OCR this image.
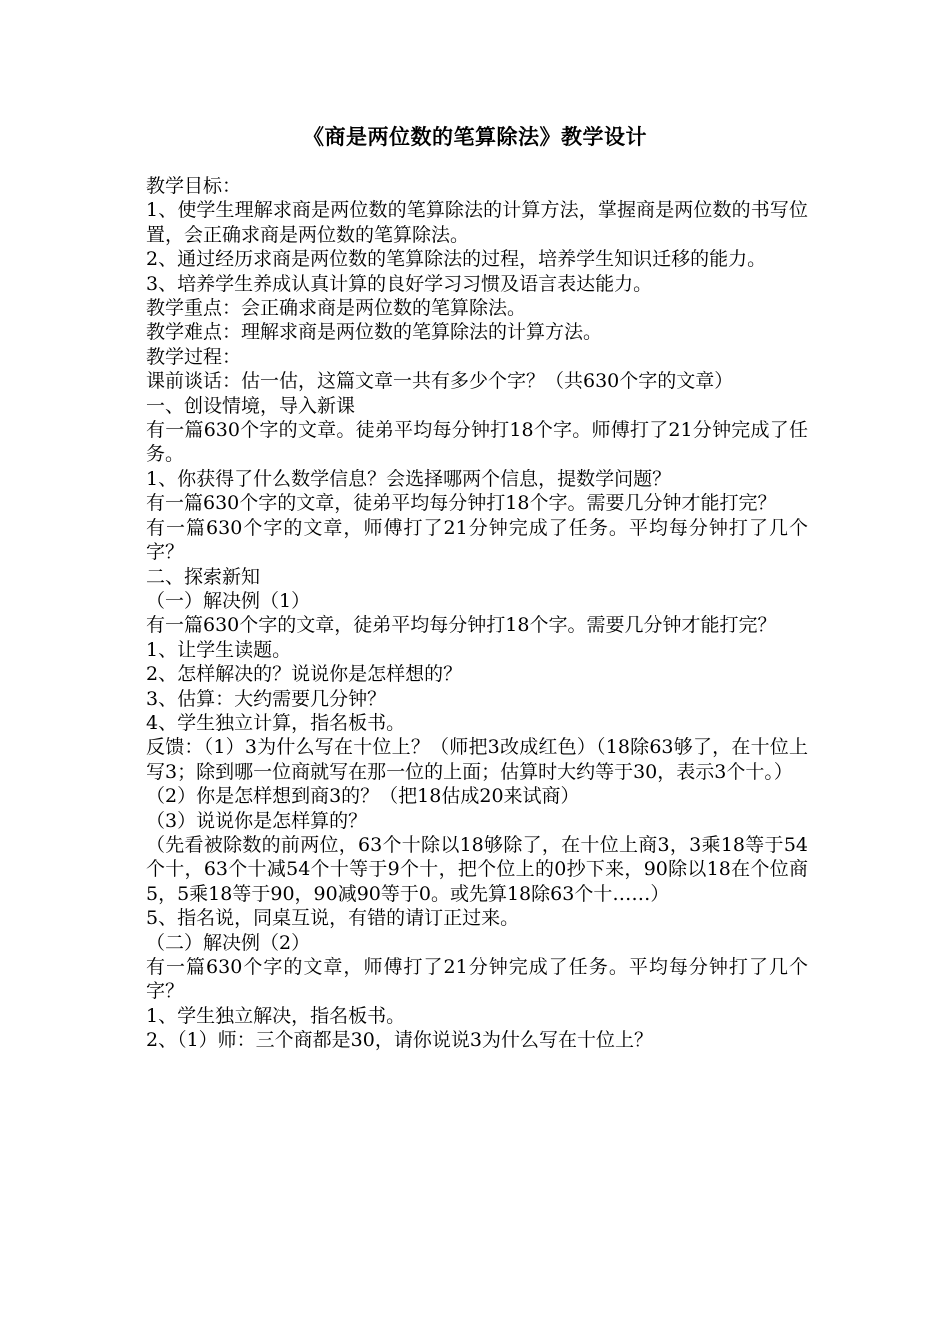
《商是两位数的笔算除法》教学设计

教学目标：

1、使学生理解求商是两位数的笔算除法的计算方法，掌握商是两位数的书写位置，会正确求商是两位数的笔算除法。

2、通过经历求商是两位数的笔算除法的过程，培养学生知识迁移的能力。

3、培养学生养成认真计算的良好学习习惯及语言表达能力。

教学重点：会正确求商是两位数的笔算除法。

教学难点：理解求商是两位数的笔算除法的计算方法。

教学过程：

课前谈话：估一估，这篇文章一共有多少个字？（共630个字的文章）

一、创设情境，导入新课

有一篇630个字的文章。徒弟平均每分钟打18个字。师傅打了21分钟完成了任务。

1、你获得了什么数学信息？会选择哪两个信息，提数学问题？

有一篇630个字的文章，徒弟平均每分钟打18个字。需要几分钟才能打完？

有一篇630个字的文章，师傅打了21分钟完成了任务。平均每分钟打了几个字？

二、探索新知

（一）解决例（1）

有一篇630个字的文章，徒弟平均每分钟打18个字。需要几分钟才能打完？

1、让学生读题。

2、怎样解决的？说说你是怎样想的？

3、估算：大约需要几分钟？

4、学生独立计算，指名板书。

反馈：（1）3为什么写在十位上？（师把3改成红色）（18除63够了，在十位上写3；除到哪一位商就写在那一位的上面；估算时大约等于30，表示3个十。）

（2）你是怎样想到商3的？（把18估成20来试商）

（3）说说你是怎样算的？

（先看被除数的前两位，63个十除以18够除了，在十位上商3，3乘18等于54个十，63个十减54个十等于9个十，把个位上的0抄下来，90除以18在个位商5，5乘18等于90，90减90等于0。或先算18除63个十……）

5、指名说，同桌互说，有错的请订正过来。

（二）解决例（2）

有一篇630个字的文章，师傅打了21分钟完成了任务。平均每分钟打了几个字？

1、学生独立解决，指名板书。

2、（1）师：三个商都是30，请你说说3为什么写在十位上？
